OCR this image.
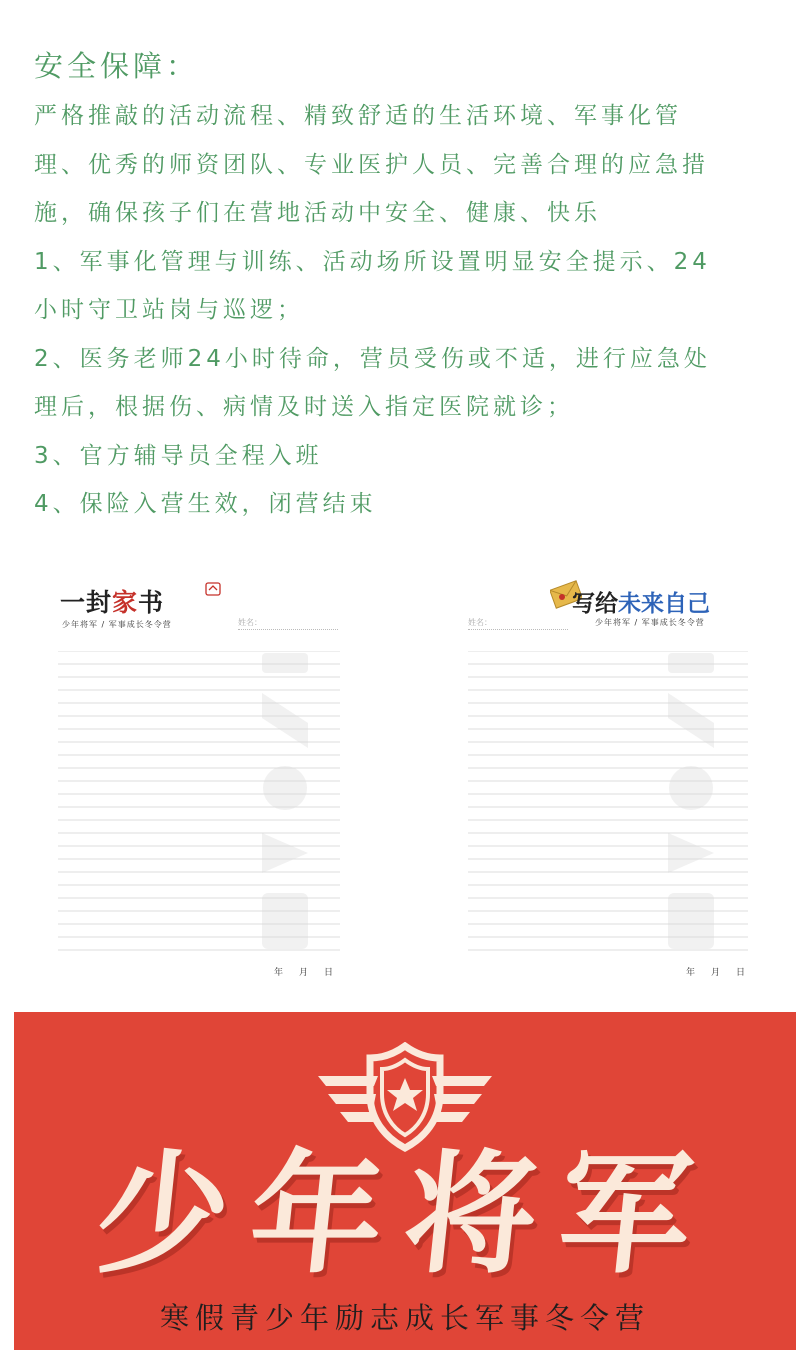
安全保障：
严格推敲的活动流程、精致舒适的生活环境、军事化管
理、优秀的师资团队、专业医护人员、完善合理的应急措
施，确保孩子们在营地活动中安全、健康、快乐
1、军事化管理与训练、活动场所设置明显安全提示、24
小时守卫站岗与巡逻；
2、医务老师24小时待命，营员受伤或不适，进行应急处
理后，根据伤、病情及时送入指定医院就诊；
3、官方辅导员全程入班
4、保险入营生效，闭营结束
一封家书
少年将军 / 军事成长冬令营	姓名：
年 月 日
写给未来自己
少年将军 / 军事成长冬令营
姓名：
年 月 日
少年将军
寒假青少年励志成长军事冬令营
